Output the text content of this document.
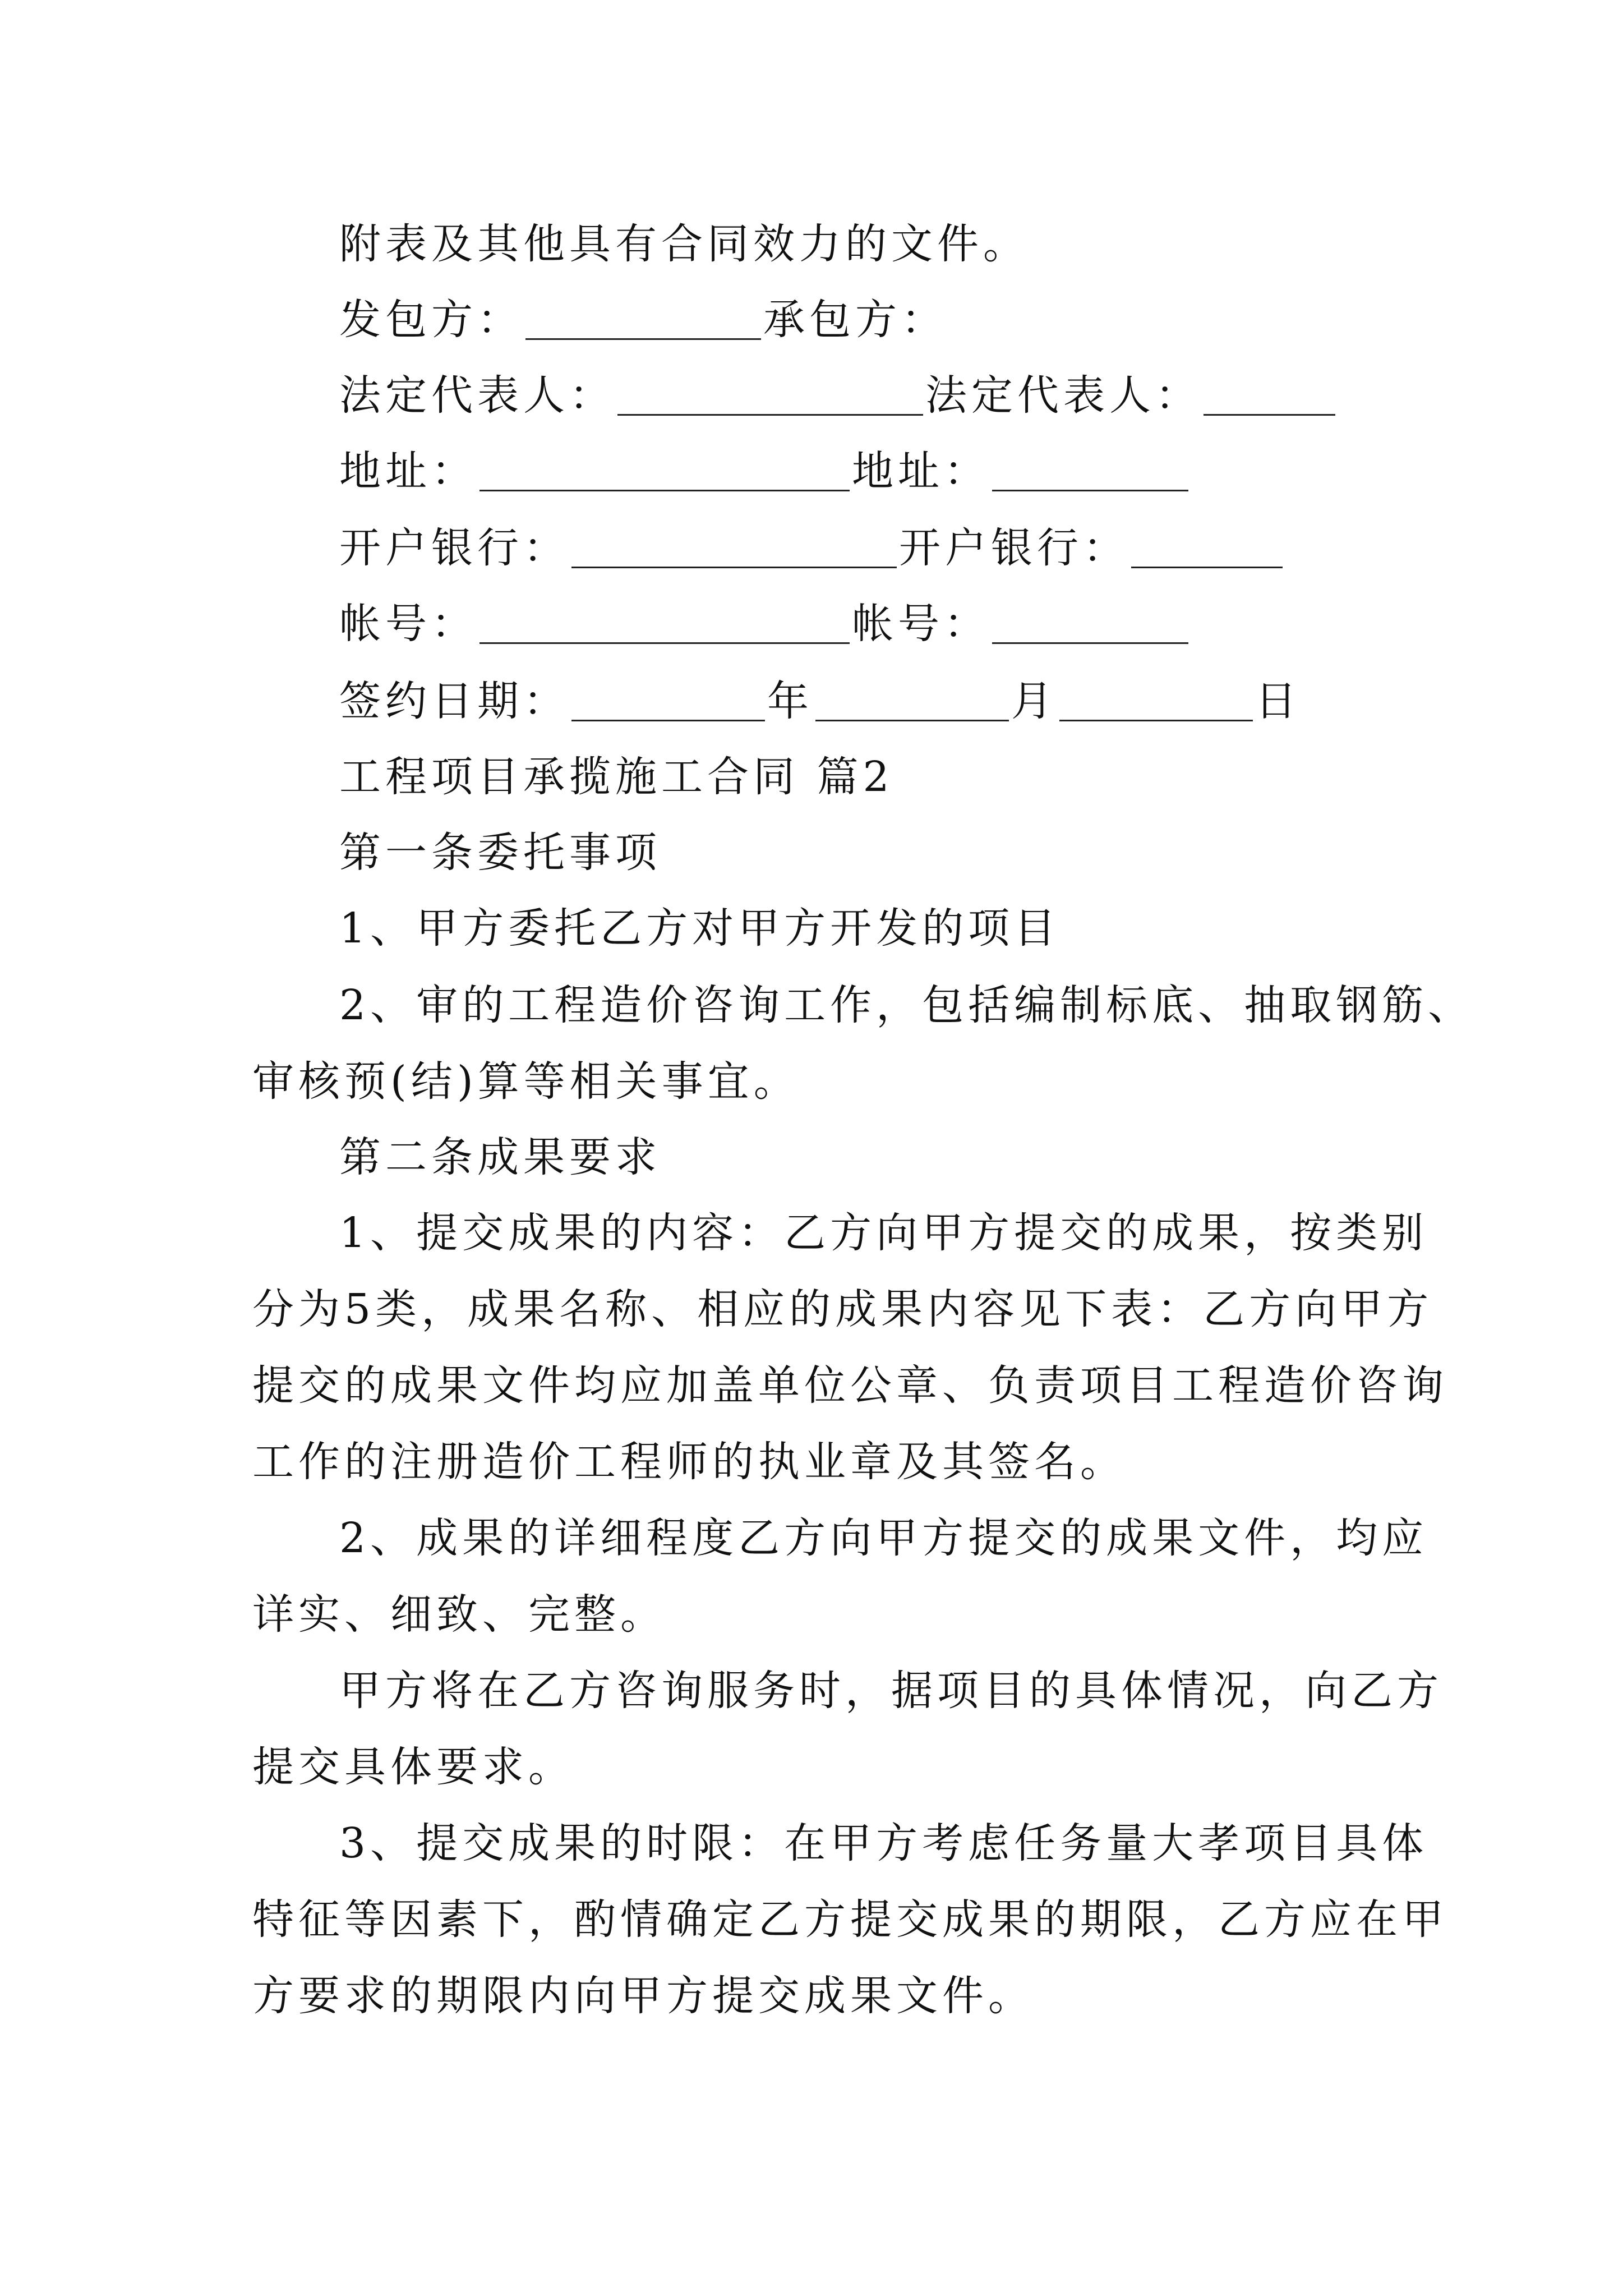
附表及其他具有合同效力的文件。
发包方：	承包方：
法定代表人：	法定代表人：
地址：	地址：
开户银行：	开户银行：
帐号：	帐号：
签约日期：	年	月	日
工程项目承揽施工合同 篇2
第一条委托事项
1、甲方委托乙方对甲方开发的项目
2、审的工程造价咨询工作，包括编制标底、抽取钢筋、
审核预(结)算等相关事宜。
第二条成果要求
1、提交成果的内容：乙方向甲方提交的成果，按类别
分为5类，成果名称、相应的成果内容见下表：乙方向甲方
提交的成果文件均应加盖单位公章、负责项目工程造价咨询
工作的注册造价工程师的执业章及其签名。
2、成果的详细程度乙方向甲方提交的成果文件，均应
详实、细致、完整。
甲方将在乙方咨询服务时，据项目的具体情况，向乙方
提交具体要求。
3、提交成果的时限：在甲方考虑任务量大孝项目具体
特征等因素下，酌情确定乙方提交成果的期限，乙方应在甲
方要求的期限内向甲方提交成果文件。
